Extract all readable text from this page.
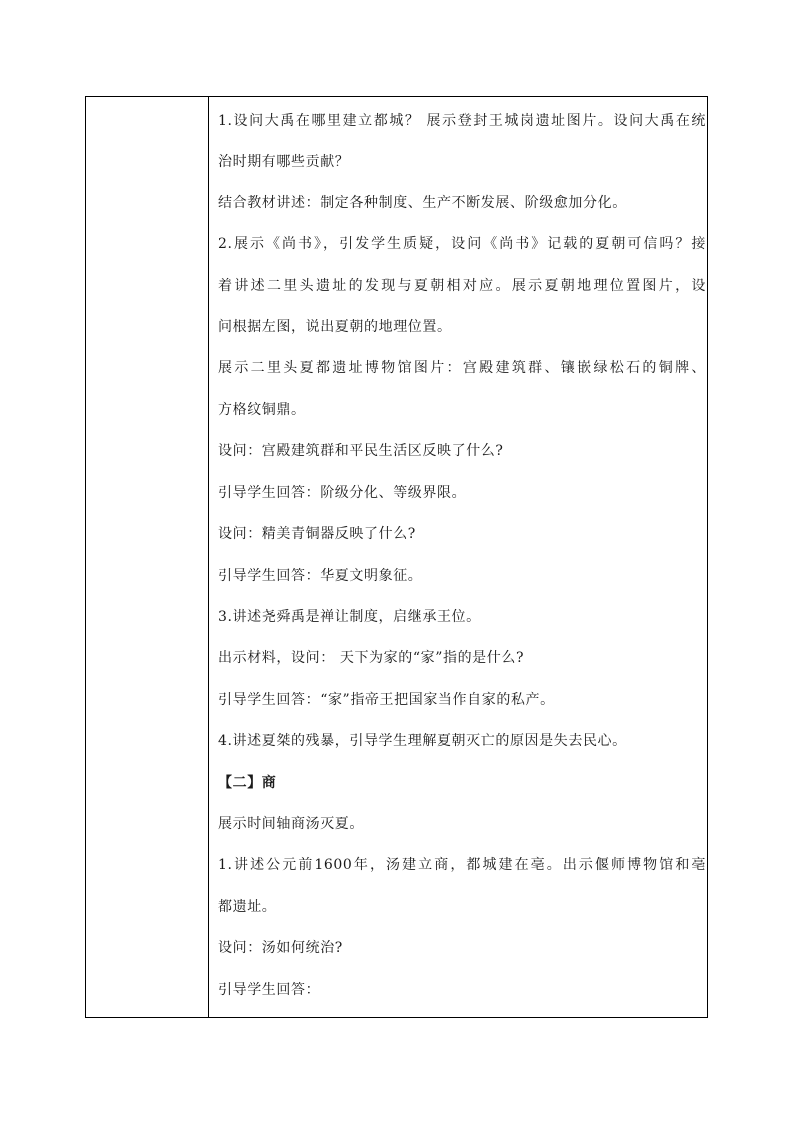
1.设问大禹在哪里建立都城？ 展示登封王城岗遗址图片。设问大禹在统
治时期有哪些贡献？
结合教材讲述：制定各种制度、生产不断发展、阶级愈加分化。
2.展示《尚书》，引发学生质疑，设问《尚书》记载的夏朝可信吗？接
着讲述二里头遗址的发现与夏朝相对应。展示夏朝地理位置图片，设
问根据左图，说出夏朝的地理位置。
展示二里头夏都遗址博物馆图片：宫殿建筑群、镶嵌绿松石的铜牌、
方格纹铜鼎。
设问：宫殿建筑群和平民生活区反映了什么?
引导学生回答：阶级分化、等级界限。
设问：精美青铜器反映了什么?
引导学生回答：华夏文明象征。
3.讲述尧舜禹是禅让制度，启继承王位。
出示材料，设问： 天下为家的“家”指的是什么?
引导学生回答：“家”指帝王把国家当作自家的私产。
4.讲述夏桀的残暴，引导学生理解夏朝灭亡的原因是失去民心。
【二】商
展示时间轴商汤灭夏。
1.讲述公元前1600年，汤建立商，都城建在亳。出示偃师博物馆和亳
都遗址。
设问：汤如何统治?
引导学生回答：
